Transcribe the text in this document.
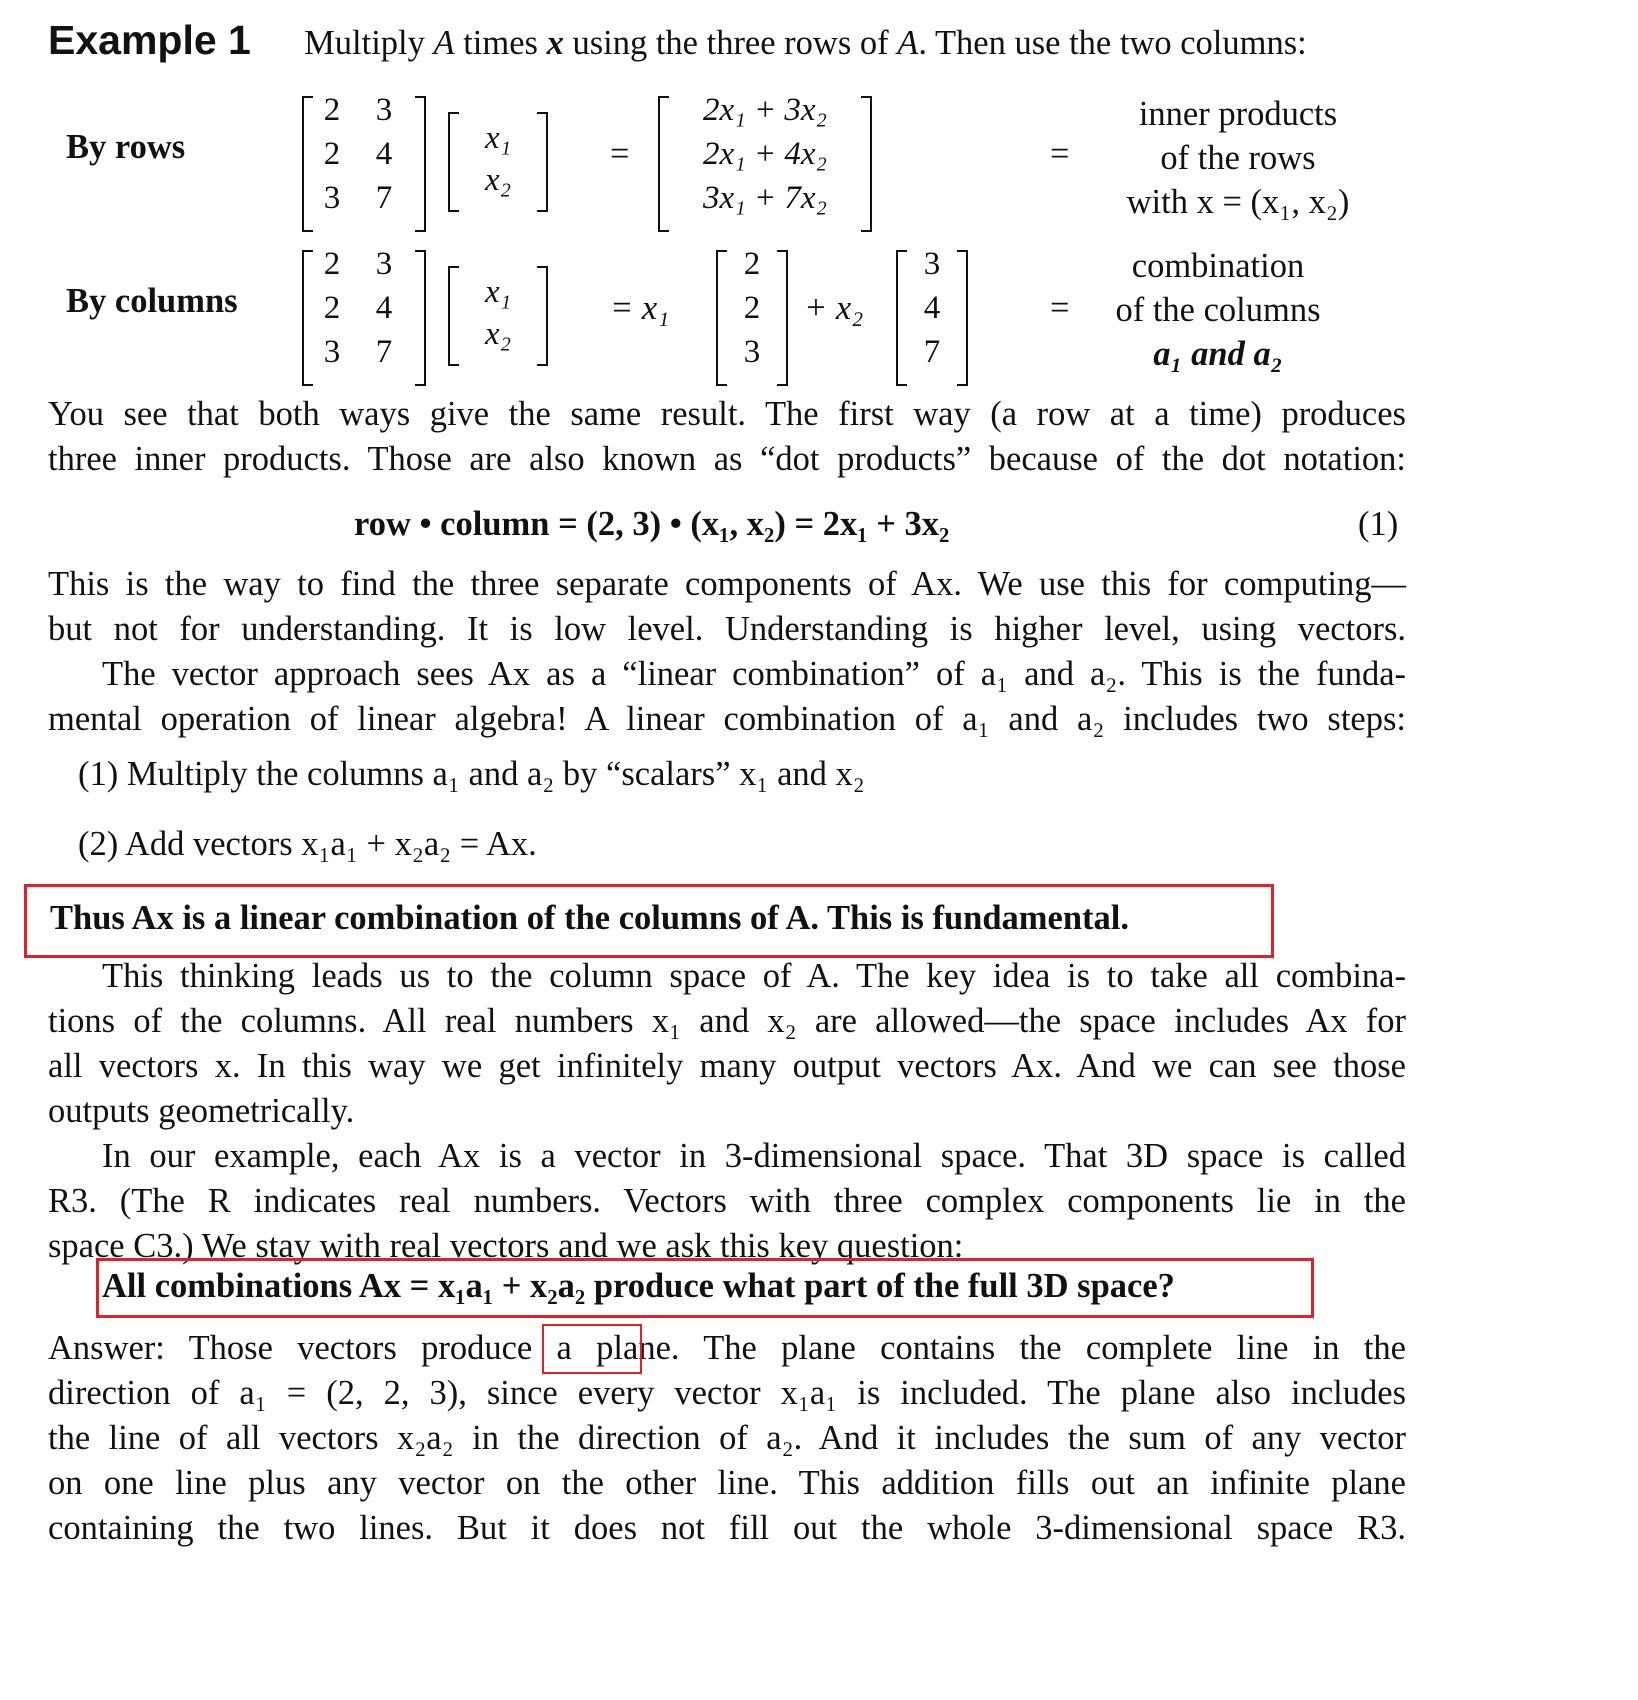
Example 1 Multiply A times x using the three rows of A. Then use the two columns:
By rows
2	3
2	4
3	7
x₁
x₂
=
2x₁ + 3x₂
2x₁ + 4x₂
3x₁ + 7x₂
=
inner products
of the rows
with x = (x₁, x₂)
By columns
2	3
2	4
3	7
x₁
x₂
= x₁
2
2
3
+ x₂
3
4
7
=
combination
of the columns
a₁ and a₂
You see that both ways give the same result. The first way (a row at a time) produces
three inner products. Those are also known as “dot products” because of the dot notation:
row • column = (2, 3) • (x₁, x₂) = 2x₁ + 3x₂	(1)
This is the way to find the three separate components of Ax. We use this for computing—
but not for understanding. It is low level. Understanding is higher level, using vectors.
The vector approach sees Ax as a “linear combination” of a₁ and a₂. This is the funda-
mental operation of linear algebra! A linear combination of a₁ and a₂ includes two steps:
(1) Multiply the columns a₁ and a₂ by “scalars” x₁ and x₂
(2) Add vectors x₁a₁ + x₂a₂ = Ax.
Thus Ax is a linear combination of the columns of A. This is fundamental.
This thinking leads us to the column space of A. The key idea is to take all combina-
tions of the columns. All real numbers x₁ and x₂ are allowed—the space includes Ax for
all vectors x. In this way we get infinitely many output vectors Ax. And we can see those
outputs geometrically.
In our example, each Ax is a vector in 3-dimensional space. That 3D space is called
R3. (The R indicates real numbers. Vectors with three complex components lie in the
space C3.) We stay with real vectors and we ask this key question:
All combinations Ax = x₁a₁ + x₂a₂ produce what part of the full 3D space?
Answer: Those vectors produce a plane. The plane contains the complete line in the
direction of a₁ = (2, 2, 3), since every vector x₁a₁ is included. The plane also includes
the line of all vectors x₂a₂ in the direction of a₂. And it includes the sum of any vector
on one line plus any vector on the other line. This addition fills out an infinite plane
containing the two lines. But it does not fill out the whole 3-dimensional space R3.
